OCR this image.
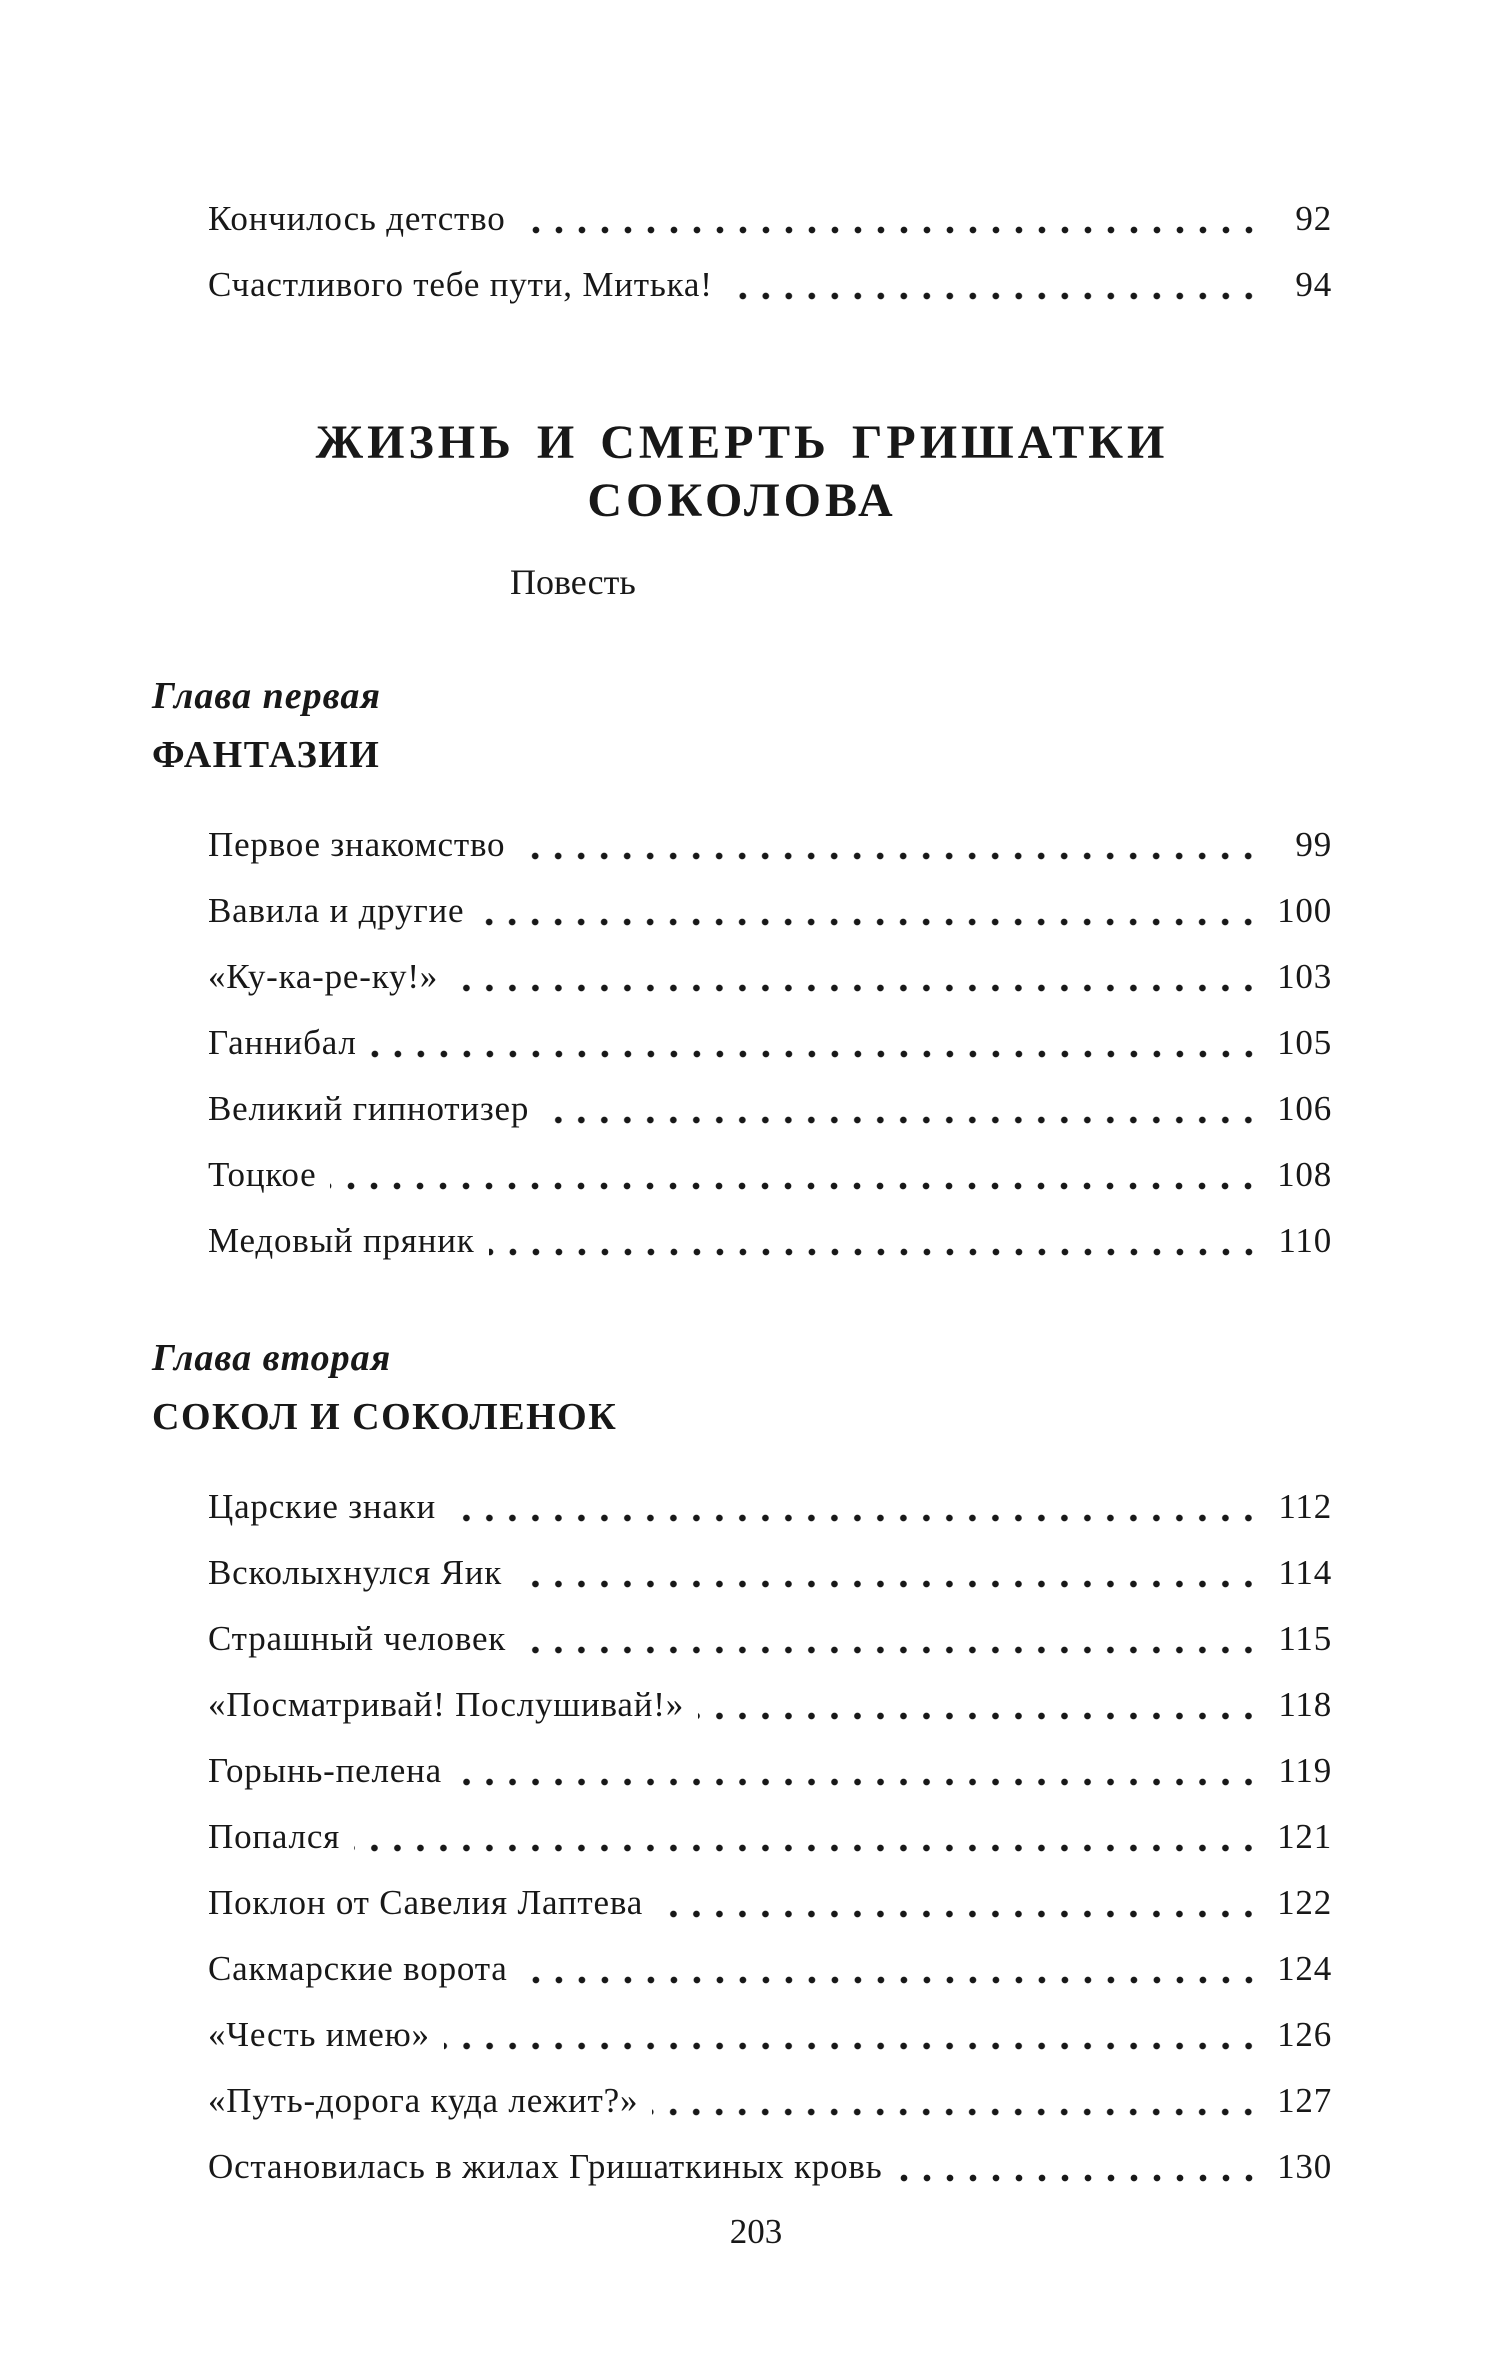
Кончилось детство	92
Счастливого тебе пути, Митька!	94
ЖИЗНЬ И СМЕРТЬ ГРИШАТКИ СОКОЛОВА
Повесть
Глава первая
ФАНТАЗИИ
Первое знакомство	99
Вавила и другие	100
«Ку-ка-ре-ку!»	103
Ганнибал	105
Великий гипнотизер	106
Тоцкое	108
Медовый пряник	110
Глава вторая
СОКОЛ И СОКОЛЕНОК
Царские знаки	112
Всколыхнулся Яик	114
Страшный человек	115
«Посматривай! Послушивай!»	118
Горынь-пелена	119
Попался	121
Поклон от Савелия Лаптева	122
Сакмарские ворота	124
«Честь имею»	126
«Путь-дорога куда лежит?»	127
Остановилась в жилах Гришаткиных кровь	130
203
